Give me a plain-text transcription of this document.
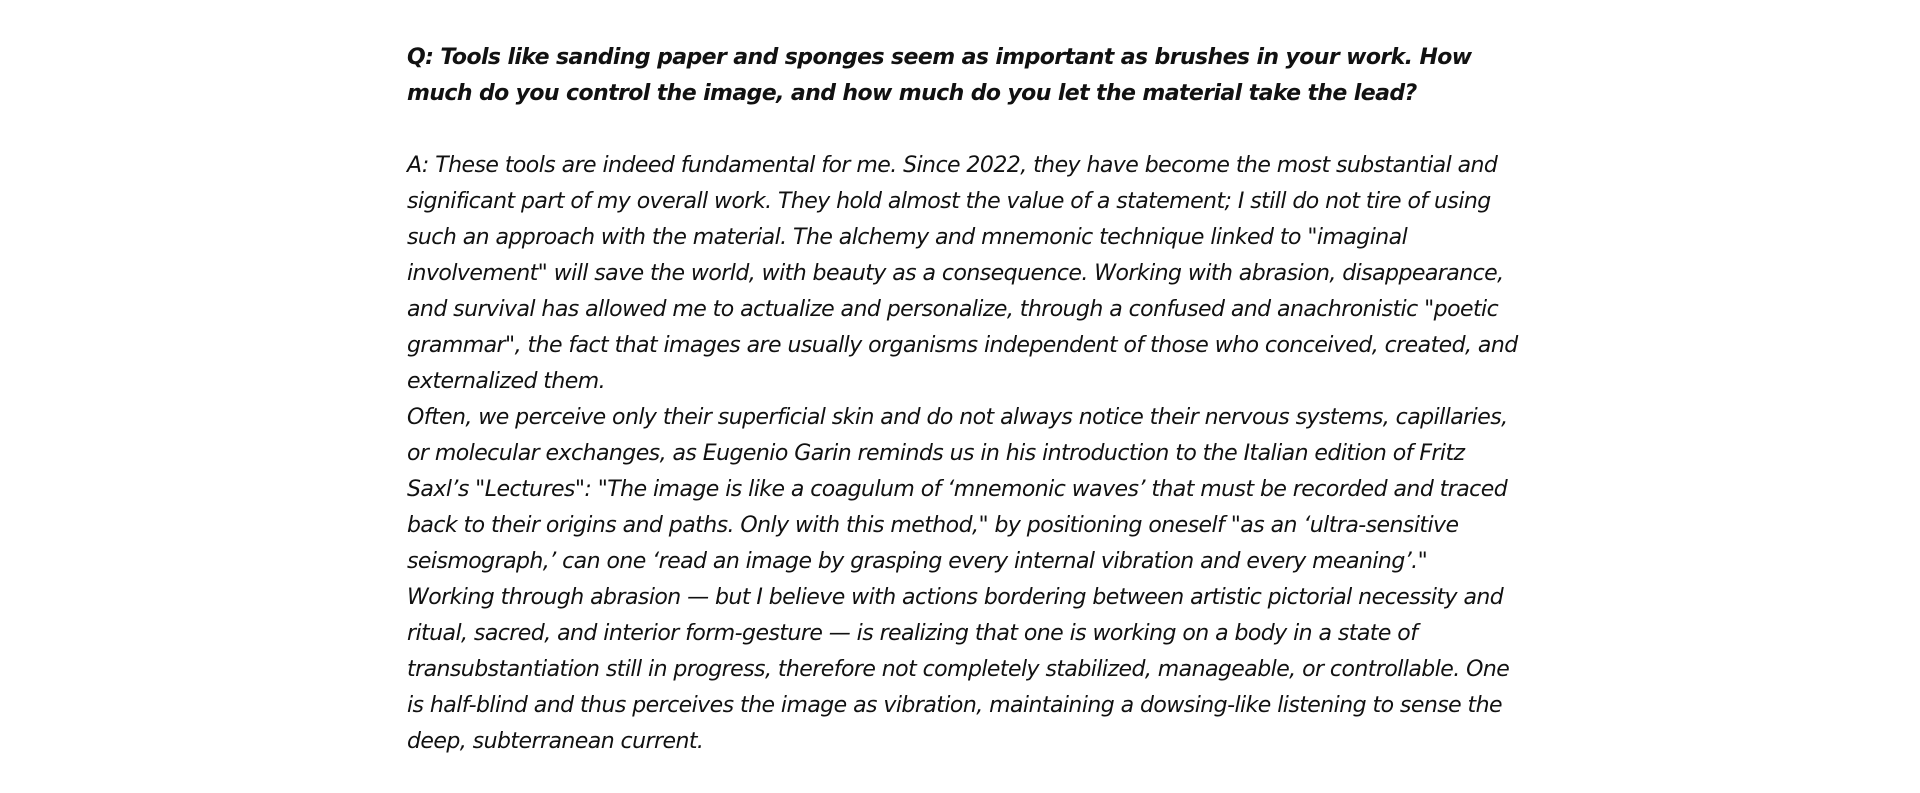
Q: Tools like sanding paper and sponges seem as important as brushes in your work. How much do you control the image, and how much do you let the material take the lead?

A: These tools are indeed fundamental for me. Since 2022, they have become the most substantial and significant part of my overall work. They hold almost the value of a statement; I still do not tire of using such an approach with the material. The alchemy and mnemonic technique linked to "imaginal involvement" will save the world, with beauty as a consequence. Working with abrasion, disappearance, and survival has allowed me to actualize and personalize, through a confused and anachronistic "poetic grammar", the fact that images are usually organisms independent of those who conceived, created, and externalized them.

Often, we perceive only their superficial skin and do not always notice their nervous systems, capillaries, or molecular exchanges, as Eugenio Garin reminds us in his introduction to the Italian edition of Fritz Saxl’s "Lectures": "The image is like a coagulum of ‘mnemonic waves’ that must be recorded and traced back to their origins and paths. Only with this method," by positioning oneself "as an ‘ultra-sensitive seismograph,’ can one ‘read an image by grasping every internal vibration and every meaning’."

Working through abrasion — but I believe with actions bordering between artistic pictorial necessity and ritual, sacred, and interior form-gesture — is realizing that one is working on a body in a state of transubstantiation still in progress, therefore not completely stabilized, manageable, or controllable. One is half-blind and thus perceives the image as vibration, maintaining a dowsing-like listening to sense the deep, subterranean current.
